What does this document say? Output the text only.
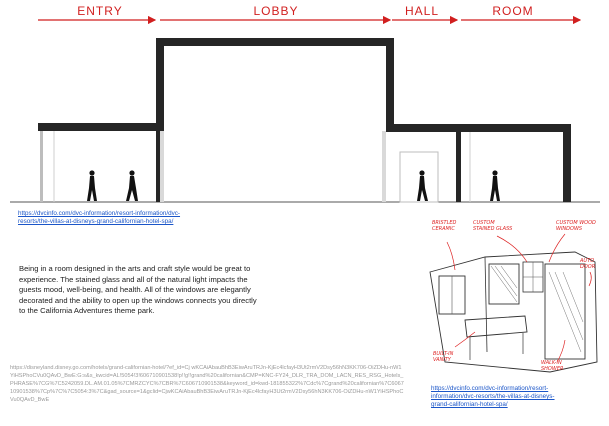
ENTRY	LOBBY	HALL	ROOM
https://dvcinfo.com/dvc-information/resort-information/dvc-
resorts/the-villas-at-disneys-grand-californian-hotel-spa/
Being in a room designed in the arts and craft style would be great to
experience. The stained glass and all of the natural light impacts the
guests mood, well-being, and health. All of the windows are elegantly
decorated and the ability to open up the windows connects you directly
to the California Adventures theme park.
https://disneyland.disney.go.com/hotels/grand-californian-hotel/?ef_id=Cj wKCAiAbauBhB3EiwAruTRJn-KjEc4lcfayH3Ut2rmV2Dsy56hN3KK706-OiZDHu-nW1YiHSPhoCVu0QAvD_BwE:G:s&s_kwcid=AL!5054!3!606710901538!p!!g!!grand%20californian&CMP=KNC-FY24_DLR_TRA_DOM_LACN_RES_RSG_Hotels_PHRASE%7CG%7C5242059.DL.AM.01.05%7CMRZCYC%7CBR%7C606710901538&keyword_id=kwd-181855322%7Cdc%7Cgrand%20californian%7C606710901538%7Cp%7C%7C5054:3%7C&gad_source=1&gclid=CjwKCAiAbauBhB3EiwAruTRJn-KjEc4lcfayH3Ut2rmV2Dsy56hN3KK706-OiZDHu-nW1YiHSPhoCVu0QAvD_BwE
BRISTLED CERAMIC
CUSTOM STAINED GLASS
CUSTOM WOOD WINDOWS
AUTO DOOR
BUILT-IN VANITY	WALK-IN SHOWER
https://dvcinfo.com/dvc-information/resort-
information/dvc-resorts/the-villas-at-disneys-
grand-californian-hotel-spa/
